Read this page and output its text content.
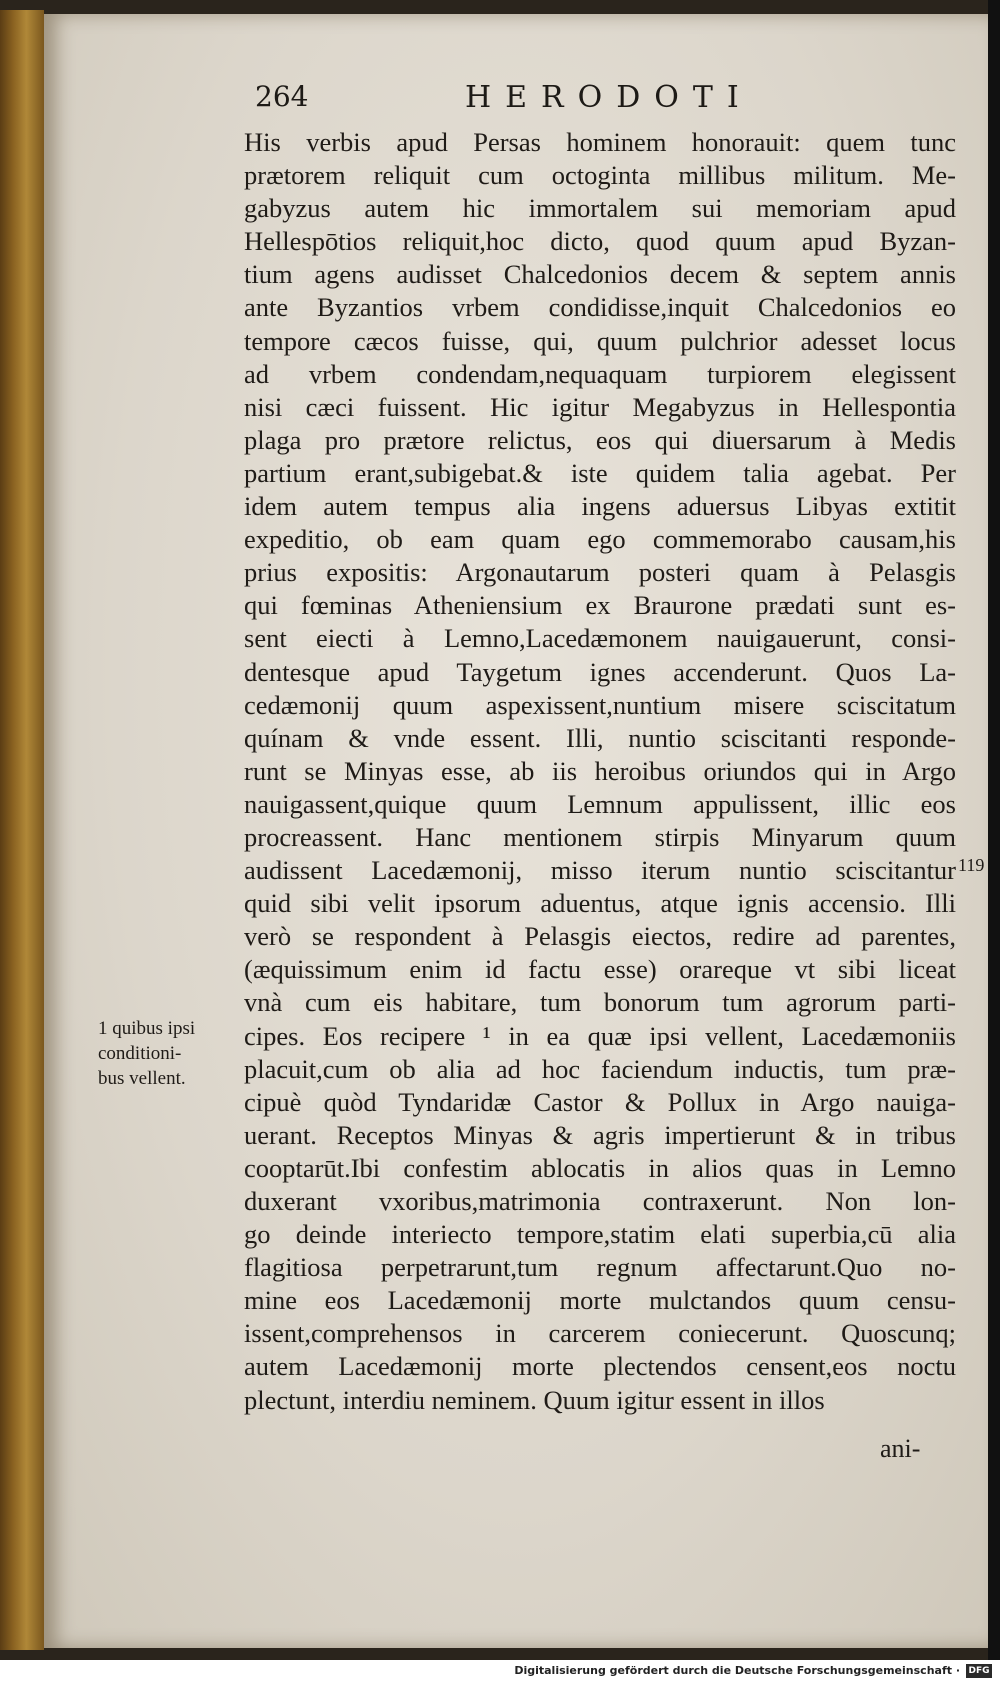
264	HERODOTI
His verbis apud Persas hominem honorauit: quem tunc
prætorem reliquit cum octoginta millibus militum. Me-
gabyzus autem hic immortalem sui memoriam apud
Hellespōtios reliquit,hoc dicto, quod quum apud Byzan-
tium agens audisset Chalcedonios decem & septem annis
ante Byzantios vrbem condidisse,inquit Chalcedonios eo
tempore cæcos fuisse, qui, quum pulchrior adesset locus
ad vrbem condendam,nequaquam turpiorem elegissent
nisi cæci fuissent. Hic igitur Megabyzus in Hellespontia
plaga pro prætore relictus, eos qui diuersarum à Medis
partium erant,subigebat.& iste quidem talia agebat. Per
idem autem tempus alia ingens aduersus Libyas extitit
expeditio, ob eam quam ego commemorabo causam,his
prius expositis: Argonautarum posteri quam à Pelasgis
qui fœminas Atheniensium ex Braurone prædati sunt es-
sent eiecti à Lemno,Lacedæmonem nauigauerunt, consi-
dentesque apud Taygetum ignes accenderunt. Quos La-
cedæmonij quum aspexissent,nuntium misere sciscitatum
quínam & vnde essent. Illi, nuntio sciscitanti responde-
runt se Minyas esse, ab iis heroibus oriundos qui in Argo
nauigassent,quique quum Lemnum appulissent, illic eos
procreassent. Hanc mentionem stirpis Minyarum quum
audissent Lacedæmonij, misso iterum nuntio sciscitantur
quid sibi velit ipsorum aduentus, atque ignis accensio. Illi
verò se respondent à Pelasgis eiectos, redire ad parentes,
(æquissimum enim id factu esse) orareque vt sibi liceat
vnà cum eis habitare, tum bonorum tum agrorum parti-
cipes. Eos recipere ¹ in ea quæ ipsi vellent, Lacedæmoniis
placuit,cum ob alia ad hoc faciendum inductis, tum præ-
cipuè quòd Tyndaridæ Castor & Pollux in Argo nauiga-
uerant. Receptos Minyas & agris impertierunt & in tribus
cooptarūt.Ibi confestim ablocatis in alios quas in Lemno
duxerant vxoribus,matrimonia contraxerunt. Non lon-
go deinde interiecto tempore,statim elati superbia,cū alia
flagitiosa perpetrarunt,tum regnum affectarunt.Quo no-
mine eos Lacedæmonij morte mulctandos quum censu-
issent,comprehensos in carcerem coniecerunt. Quoscunq;
autem Lacedæmonij morte plectendos censent,eos noctu
plectunt, interdiu neminem. Quum igitur essent in illos
119
1 quibus ipsi
conditioni-
bus vellent.
ani-
Digitalisierung gefördert durch die Deutsche Forschungsgemeinschaft · DFG
